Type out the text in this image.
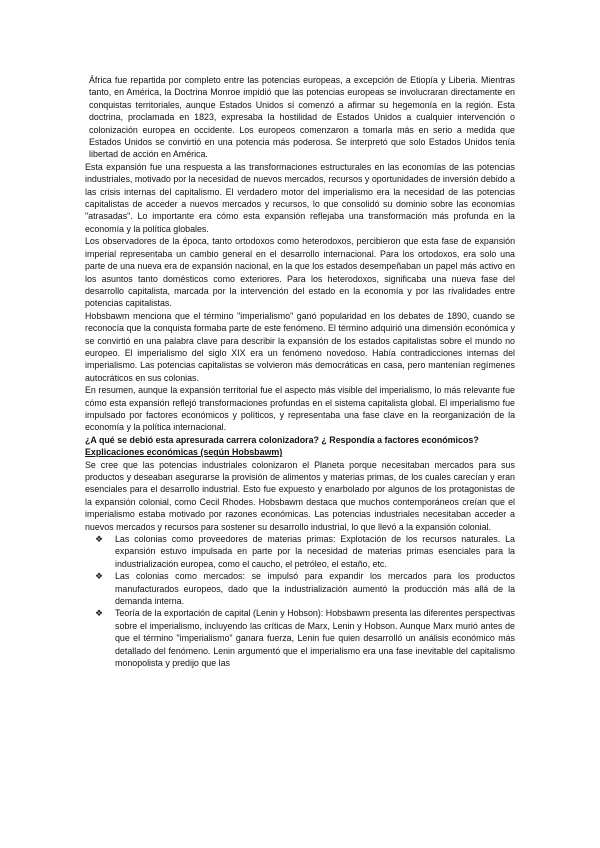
África fue repartida por completo entre las potencias europeas, a excepción de Etiopía y Liberia. Mientras tanto, en América, la Doctrina Monroe impidió que las potencias europeas se involucraran directamente en conquistas territoriales, aunque Estados Unidos sí comenzó a afirmar su hegemonía en la región. Esta doctrina, proclamada en 1823, expresaba la hostilidad de Estados Unidos a cualquier intervención o colonización europea en occidente. Los europeos comenzaron a tomarla más en serio a medida que Estados Unidos se convirtió en una potencia más poderosa. Se interpretó que solo Estados Unidos tenía libertad de acción en América.

Esta expansión fue una respuesta a las transformaciones estructurales en las economías de las potencias industriales, motivado por la necesidad de nuevos mercados, recursos y oportunidades de inversión debido a las crisis internas del capitalismo. El verdadero motor del imperialismo era la necesidad de las potencias capitalistas de acceder a nuevos mercados y recursos, lo que consolidó su dominio sobre las economías "atrasadas". Lo importante era cómo esta expansión reflejaba una transformación más profunda en la economía y la política globales.

Los observadores de la época, tanto ortodoxos como heterodoxos, percibieron que esta fase de expansión imperial representaba un cambio general en el desarrollo internacional. Para los ortodoxos, era solo una parte de una nueva era de expansión nacional, en la que los estados desempeñaban un papel más activo en los asuntos tanto domésticos como exteriores. Para los heterodoxos, significaba una nueva fase del desarrollo capitalista, marcada por la intervención del estado en la economía y por las rivalidades entre potencias capitalistas.

Hobsbawm menciona que el término "imperialismo" ganó popularidad en los debates de 1890, cuando se reconocía que la conquista formaba parte de este fenómeno. El término adquirió una dimensión económica y se convirtió en una palabra clave para describir la expansión de los estados capitalistas sobre el mundo no europeo. El imperialismo del siglo XIX era un fenómeno novedoso. Había contradicciones internas del imperialismo. Las potencias capitalistas se volvieron más democráticas en casa, pero mantenían regímenes autocráticos en sus colonias.

En resumen, aunque la expansión territorial fue el aspecto más visible del imperialismo, lo más relevante fue cómo esta expansión reflejó transformaciones profundas en el sistema capitalista global. El imperialismo fue impulsado por factores económicos y políticos, y representaba una fase clave en la reorganización de la economía y la política internacional.

¿A qué se debió esta apresurada carrera colonizadora? ¿ Respondía a factores económicos?

Explicaciones económicas (según Hobsbawm)

Se cree que las potencias industriales colonizaron el Planeta porque necesitaban mercados para sus productos y deseaban asegurarse la provisión de alimentos y materias primas, de los cuales carecían y eran esenciales para el desarrollo industrial. Esto fue expuesto y enarbolado por algunos de los protagonistas de la expansión colonial, como Cecil Rhodes. Hobsbawm destaca que muchos contemporáneos creían que el imperialismo estaba motivado por razones económicas. Las potencias industriales necesitaban acceder a nuevos mercados y recursos para sostener su desarrollo industrial, lo que llevó a la expansión colonial.

❖ Las colonias como proveedores de materias primas: Explotación de los recursos naturales. La expansión estuvo impulsada en parte por la necesidad de materias primas esenciales para la industrialización europea, como el caucho, el petróleo, el estaño, etc.
❖ Las colonias como mercados: se impulsó para expandir los mercados para los productos manufacturados europeos, dado que la industrialización aumentó la producción más allá de la demanda interna.
❖ Teoría de la exportación de capital (Lenin y Hobson): Hobsbawm presenta las diferentes perspectivas sobre el imperialismo, incluyendo las críticas de Marx, Lenin y Hobson. Aunque Marx murió antes de que el término "imperialismo" ganara fuerza, Lenin fue quien desarrolló un análisis económico más detallado del fenómeno. Lenin argumentó que el imperialismo era una fase inevitable del capitalismo monopolista y predijo que las
